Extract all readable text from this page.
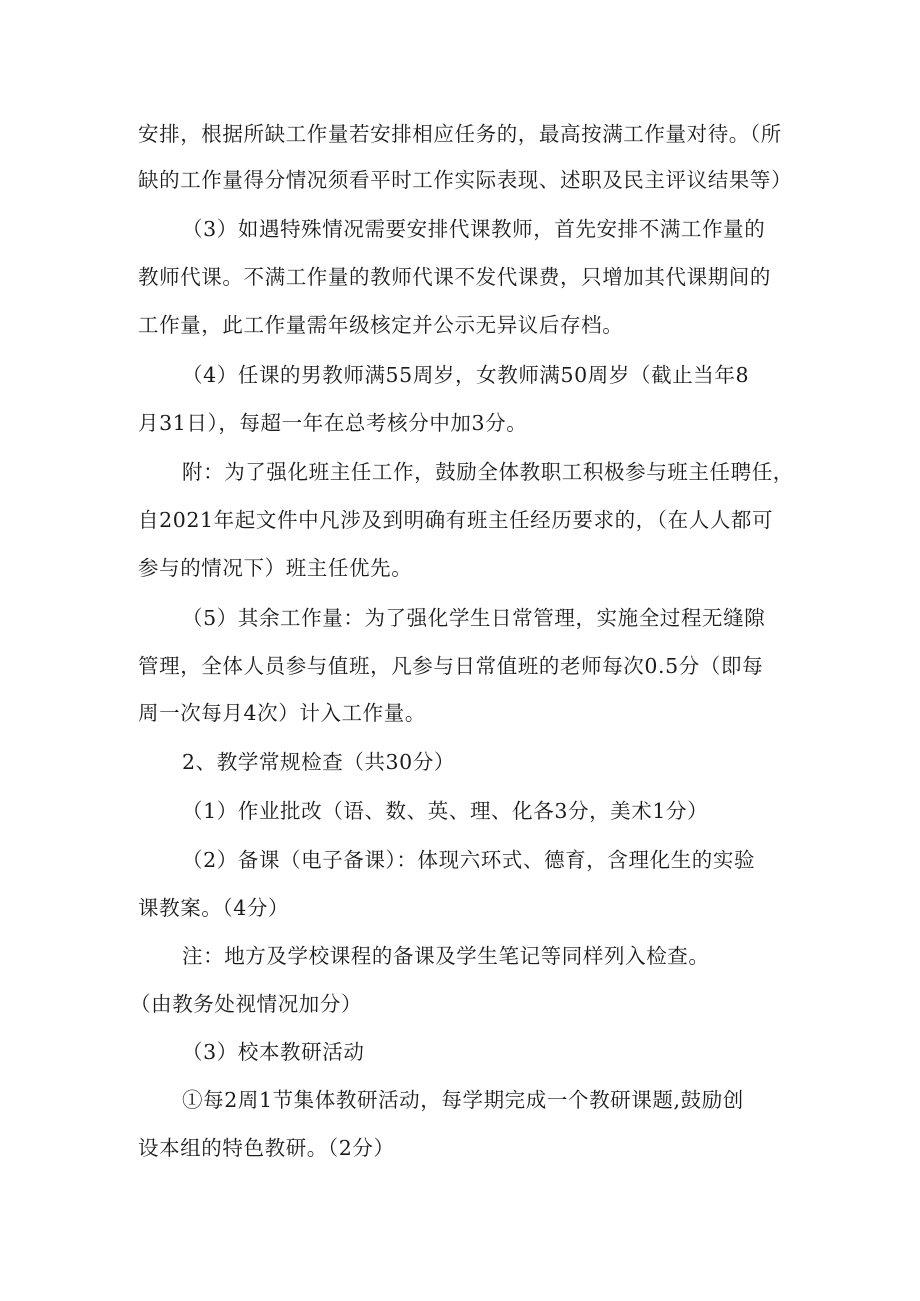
安排，根据所缺工作量若安排相应任务的，最高按满工作量对待。（所
缺的工作量得分情况须看平时工作实际表现、述职及民主评议结果等）
（3）如遇特殊情况需要安排代课教师，首先安排不满工作量的
教师代课。不满工作量的教师代课不发代课费，只增加其代课期间的
工作量，此工作量需年级核定并公示无异议后存档。
（4）任课的男教师满55周岁，女教师满50周岁（截止当年8
月31日），每超一年在总考核分中加3分。
附：为了强化班主任工作，鼓励全体教职工积极参与班主任聘任，
自2021年起文件中凡涉及到明确有班主任经历要求的，（在人人都可
参与的情况下）班主任优先。
（5）其余工作量：为了强化学生日常管理，实施全过程无缝隙
管理，全体人员参与值班，凡参与日常值班的老师每次0.5分（即每
周一次每月4次）计入工作量。
2、教学常规检查（共30分）
（1）作业批改（语、数、英、理、化各3分，美术1分）
（2）备课（电子备课）：体现六环式、德育，含理化生的实验
课教案。（4分）
注：地方及学校课程的备课及学生笔记等同样列入检查。
（由教务处视情况加分）
（3）校本教研活动
①每2周1节集体教研活动，每学期完成一个教研课题,鼓励创
设本组的特色教研。（2分）
